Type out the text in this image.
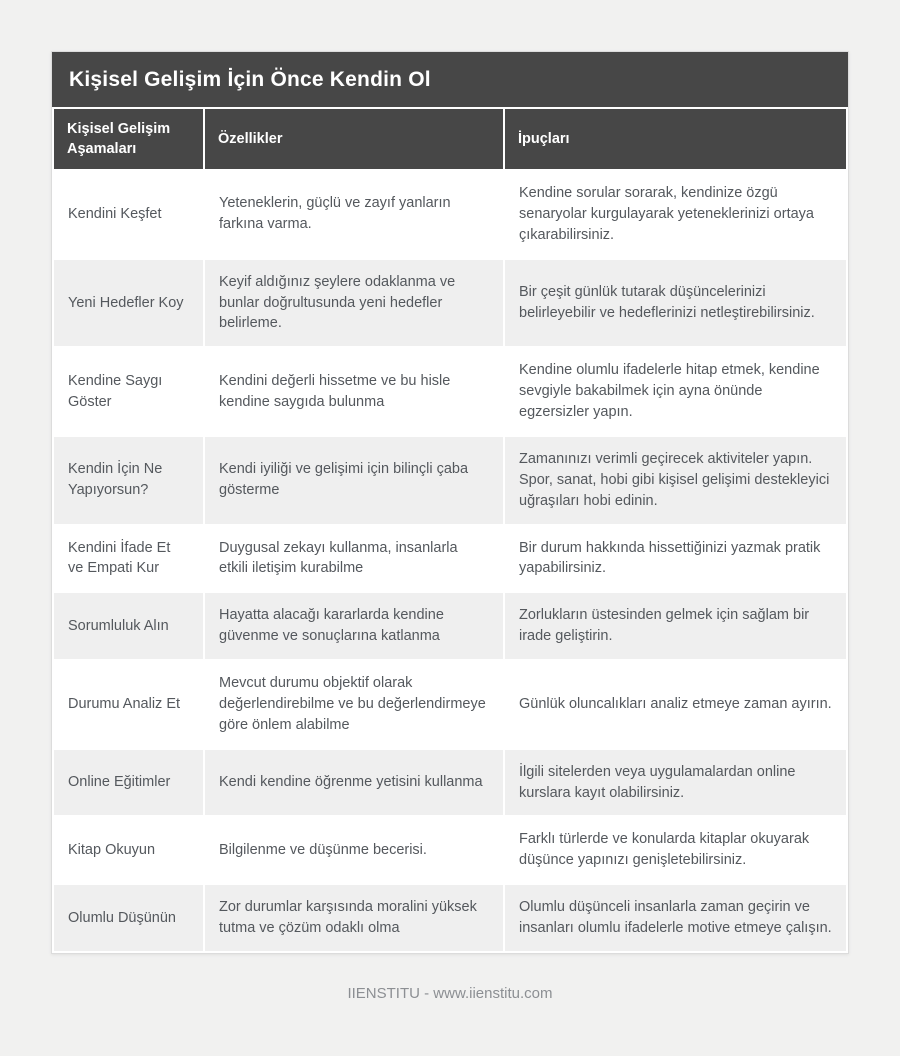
Kişisel Gelişim İçin Önce Kendin Ol
Kişisel Gelişim Aşamaları	Özellikler	İpuçları
Kendini Keşfet	Yeteneklerin, güçlü ve zayıf yanların farkına varma.	Kendine sorular sorarak, kendinize özgü senaryolar kurgulayarak yeteneklerinizi ortaya çıkarabilirsiniz.
Yeni Hedefler Koy	Keyif aldığınız şeylere odaklanma ve bunlar doğrultusunda yeni hedefler belirleme.	Bir çeşit günlük tutarak düşüncelerinizi belirleyebilir ve hedeflerinizi netleştirebilirsiniz.
Kendine Saygı Göster	Kendini değerli hissetme ve bu hisle kendine saygıda bulunma	Kendine olumlu ifadelerle hitap etmek, kendine sevgiyle bakabilmek için ayna önünde egzersizler yapın.
Kendin İçin Ne Yapıyorsun?	Kendi iyiliği ve gelişimi için bilinçli çaba gösterme	Zamanınızı verimli geçirecek aktiviteler yapın. Spor, sanat, hobi gibi kişisel gelişimi destekleyici uğraşıları hobi edinin.
Kendini İfade Et ve Empati Kur	Duygusal zekayı kullanma, insanlarla etkili iletişim kurabilme	Bir durum hakkında hissettiğinizi yazmak pratik yapabilirsiniz.
Sorumluluk Alın	Hayatta alacağı kararlarda kendine güvenme ve sonuçlarına katlanma	Zorlukların üstesinden gelmek için sağlam bir irade geliştirin.
Durumu Analiz Et	Mevcut durumu objektif olarak değerlendirebilme ve bu değerlendirmeye göre önlem alabilme	Günlük oluncalıkları analiz etmeye zaman ayırın.
Online Eğitimler	Kendi kendine öğrenme yetisini kullanma	İlgili sitelerden veya uygulamalardan online kurslara kayıt olabilirsiniz.
Kitap Okuyun	Bilgilenme ve düşünme becerisi.	Farklı türlerde ve konularda kitaplar okuyarak düşünce yapınızı genişletebilirsiniz.
Olumlu Düşünün	Zor durumlar karşısında moralini yüksek tutma ve çözüm odaklı olma	Olumlu düşünceli insanlarla zaman geçirin ve insanları olumlu ifadelerle motive etmeye çalışın.
IIENSTITU - www.iienstitu.com
